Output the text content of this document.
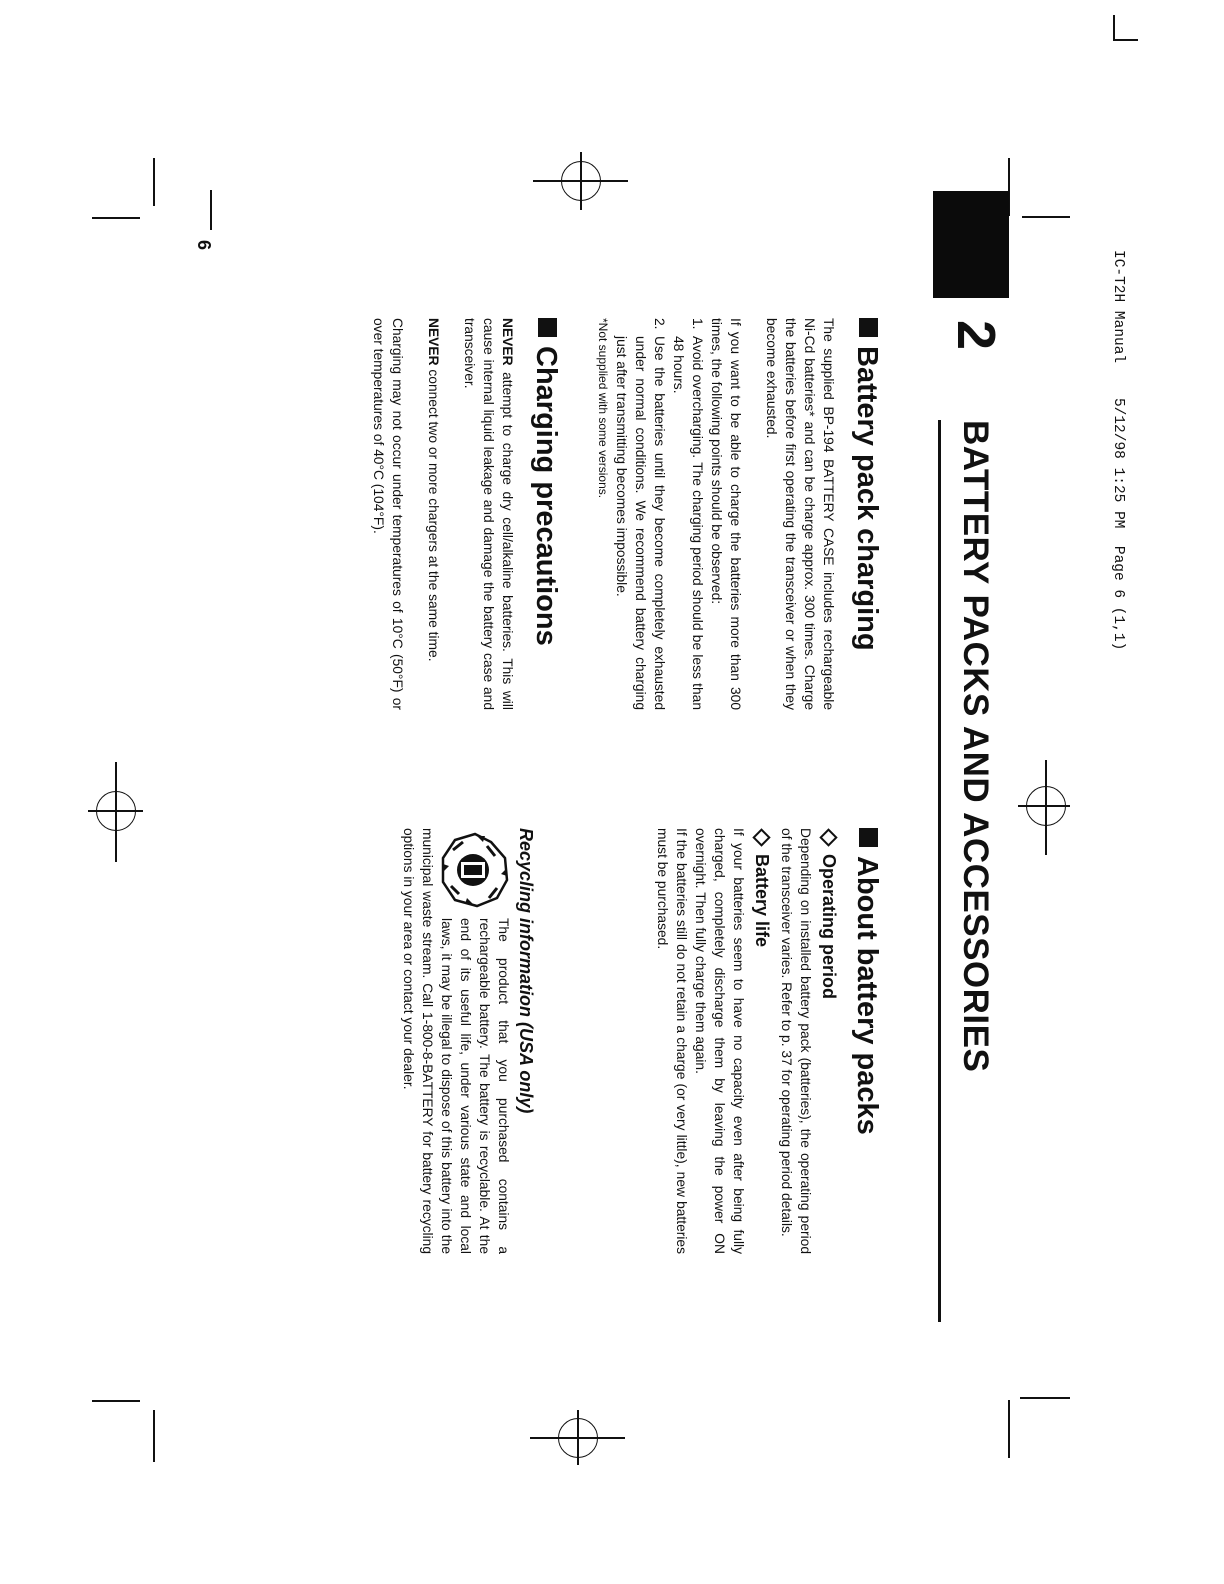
IC-T2H Manual    5/12/98 1:25 PM  Page 6 (1,1)
2
BATTERY PACKS AND ACCESSORIES
Battery pack charging

The supplied BP-194 BATTERY CASE includes rechargeable Ni-Cd batteries* and can be charge approx. 300 times. Charge the batteries before first operating the transceiver or when they become exhausted.

If you want to be able to charge the batteries more than 300 times, the following points should be observed:

1.
Avoid overcharging. The charging period should be less than 48 hours.
2.
Use the batteries until they become completely exhausted under normal conditions. We recommend battery charging just after transmitting becomes impossible.
*Not supplied with some versions.
Charging precautions

NEVER attempt to charge dry cell/alkaline batteries. This will cause internal liquid leakage and damage the battery case and transceiver.

NEVER connect two or more chargers at the same time.

Charging may not occur under temperatures of 10°C (50°F) or over temperatures of 40°C (104°F).

About battery packs
Operating period

Depending on installed battery pack (batteries), the operating period of the transceiver varies. Refer to p. 37 for operating period details.

Battery life

If your batteries seem to have no capacity even after being fully charged, completely discharge them by leaving the power ON overnight. Then fully charge them again.

If the batteries still do not retain a charge (or very little), new batteries must be purchased.

Recycling information (USA only)

The product that you purchased contains a rechargeable battery. The battery is recyclable. At the end of its useful life, under various state and local laws, it may be illegal to dispose of this battery into the municipal waste stream. Call 1-800-8-BATTERY for battery recycling options in your area or contact your dealer.

6
